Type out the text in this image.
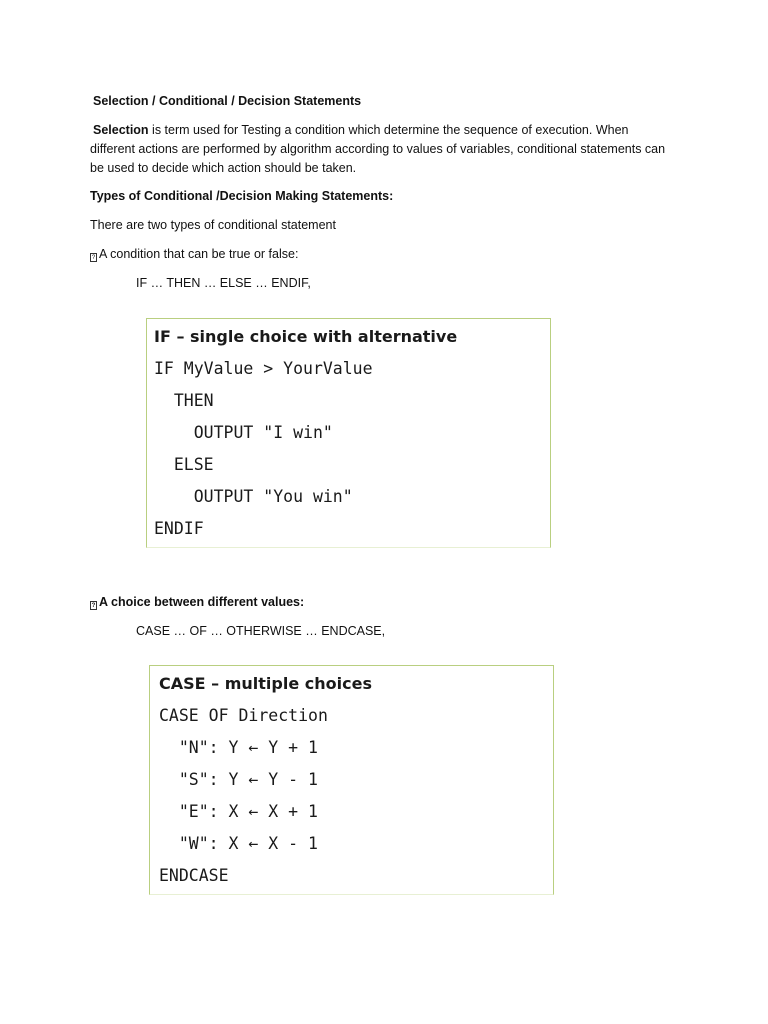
Selection / Conditional / Decision Statements
Selection is term used for Testing a condition which determine the sequence of execution. When
different actions are performed by algorithm according to values of variables, conditional statements can
be used to decide which action should be taken.
Types of Conditional /Decision Making Statements:
There are two types of conditional statement
? A condition that can be true or false:
IF … THEN … ELSE … ENDIF,
IF – single choice with alternative
IF MyValue > YourValue
THEN
OUTPUT "I win"
ELSE
OUTPUT "You win"
ENDIF
? A choice between different values:
CASE … OF … OTHERWISE … ENDCASE,
CASE – multiple choices
CASE OF Direction
"N": Y ← Y + 1
"S": Y ← Y - 1
"E": X ← X + 1
"W": X ← X - 1
ENDCASE
